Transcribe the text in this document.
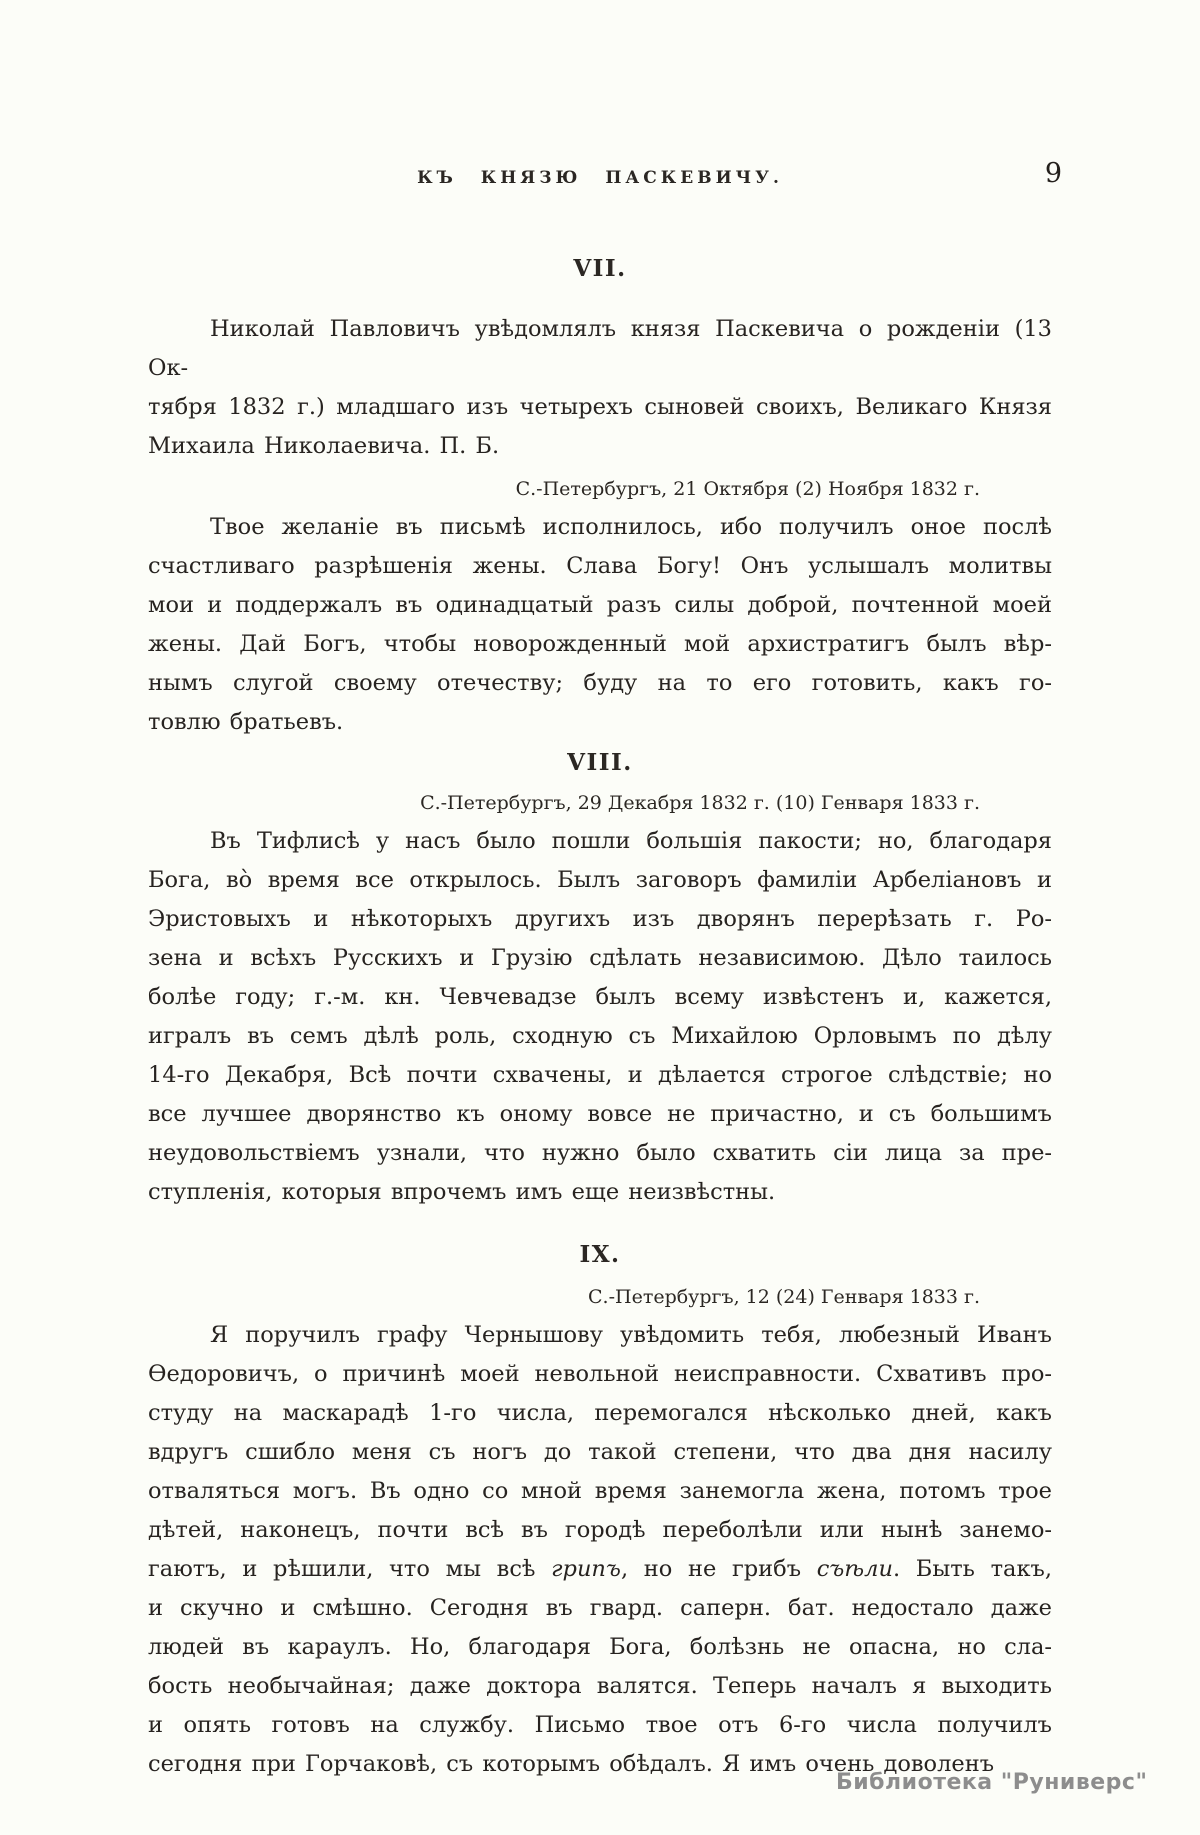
КЪ КНЯЗЮ ПАСКЕВИЧУ.	9
VII.
Николай Павловичъ увѣдомлялъ князя Паскевича о рожденіи (13 Ок-
тября 1832 г.) младшаго изъ четырехъ сыновей своихъ, Великаго Князя
Михаила Николаевича. П. Б.
С.-Петербургъ, 21 Октября (2) Ноября 1832 г.
Твое желаніе въ письмѣ исполнилось, ибо получилъ оное послѣ
счастливаго разрѣшенія жены. Слава Богу! Онъ услышалъ молитвы
мои и поддержалъ въ одинадцатый разъ силы доброй, почтенной моей
жены. Дай Богъ, чтобы новорожденный мой архистратигъ былъ вѣр-
нымъ слугой своему отечеству; буду на то его готовить, какъ го-
товлю братьевъ.
VIII.
С.-Петербургъ, 29 Декабря 1832 г. (10) Генваря 1833 г.
Въ Тифлисѣ у насъ было пошли большія пакости; но, благодаря
Бога, во̀ время все открылось. Былъ заговоръ фамиліи Арбеліановъ и
Эристовыхъ и нѣкоторыхъ другихъ изъ дворянъ перерѣзать г. Ро-
зена и всѣхъ Русскихъ и Грузію сдѣлать независимою. Дѣло таилось
болѣе году; г.-м. кн. Чевчевадзе былъ всему извѣстенъ и, кажется,
игралъ въ семъ дѣлѣ роль, сходную съ Михайлою Орловымъ по дѣлу
14-го Декабря, Всѣ почти схвачены, и дѣлается строгое слѣдствіе; но
все лучшее дворянство къ оному вовсе не причастно, и съ большимъ
неудовольствіемъ узнали, что нужно было схватить сіи лица за пре-
ступленія, которыя впрочемъ имъ еще неизвѣстны.
IX.
С.-Петербургъ, 12 (24) Генваря 1833 г.
Я поручилъ графу Чернышову увѣдомить тебя, любезный Иванъ
Ѳедоровичъ, о причинѣ моей невольной неисправности. Схвативъ про-
студу на маскарадѣ 1-го числа, перемогался нѣсколько дней, какъ
вдругъ сшибло меня съ ногъ до такой степени, что два дня насилу
отваляться могъ. Въ одно со мной время занемогла жена, потомъ трое
дѣтей, наконецъ, почти всѣ въ городѣ переболѣли или нынѣ занемо-
гаютъ, и рѣшили, что мы всѣ грипъ, но не грибъ съѣли. Быть такъ,
и скучно и смѣшно. Сегодня въ гвард. саперн. бат. недостало даже
людей въ караулъ. Но, благодаря Бога, болѣзнь не опасна, но сла-
бость необычайная; даже доктора валятся. Теперь началъ я выходить
и опять готовъ на службу. Письмо твое отъ 6-го числа получилъ
сегодня при Горчаковѣ, съ которымъ обѣдалъ. Я имъ очень доволенъ
Библиотека "Руниверс"
